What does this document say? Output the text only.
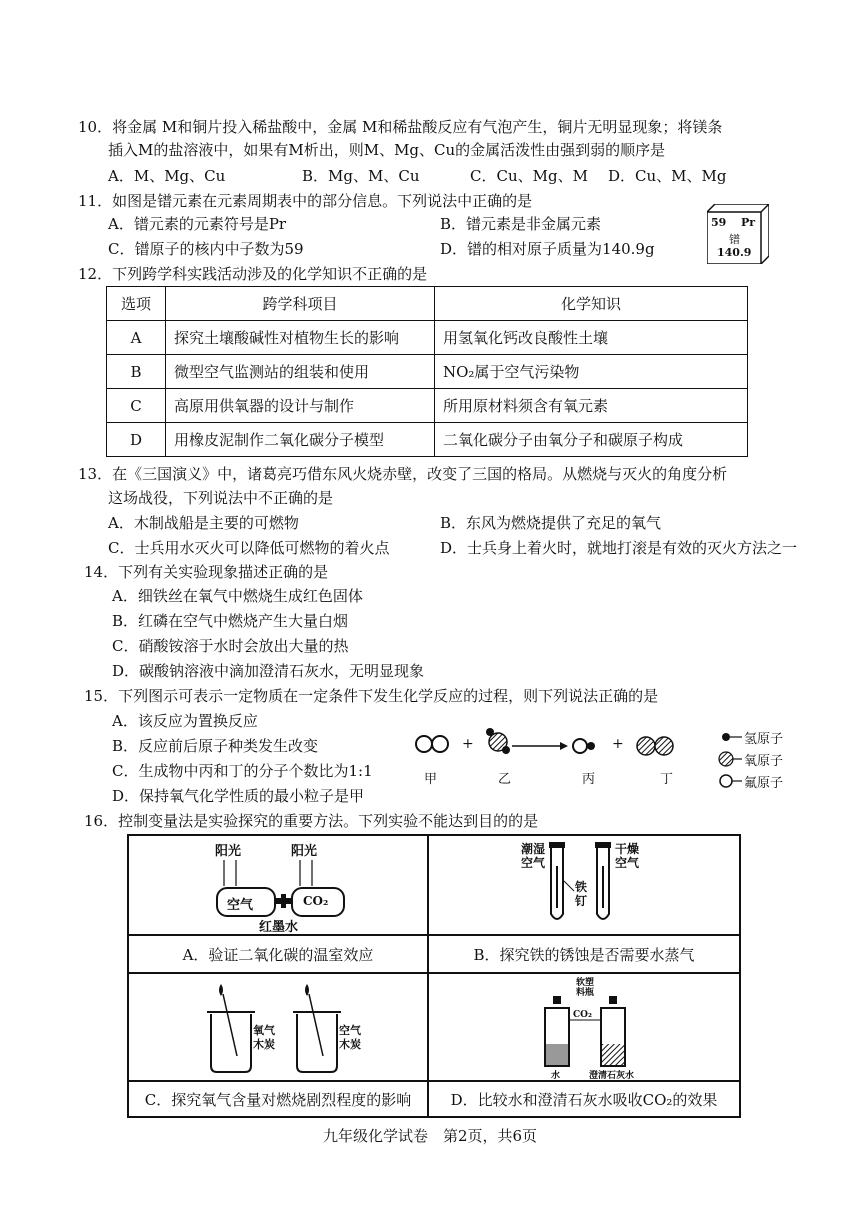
10．将金属 M和铜片投入稀盐酸中，金属 M和稀盐酸反应有气泡产生，铜片无明显现象；将镁条
插入M的盐溶液中，如果有M析出，则M、Mg、Cu的金属活泼性由强到弱的顺序是
A．M、Mg、Cu	B．Mg、M、Cu	C．Cu、Mg、M D．Cu、M、Mg
11．如图是镨元素在元素周期表中的部分信息。下列说法中正确的是
A．镨元素的元素符号是Pr	B．镨元素是非金属元素
C．镨原子的核内中子数为59	D．镨的相对原子质量为140.9g
59 Pr
镨
140.9
12．下列跨学科实践活动涉及的化学知识不正确的是
选项	跨学科项目	化学知识
A	探究土壤酸碱性对植物生长的影响	用氢氧化钙改良酸性土壤
B	微型空气监测站的组装和使用	NO₂属于空气污染物
C	高原用供氧器的设计与制作	所用原材料须含有氧元素
D	用橡皮泥制作二氧化碳分子模型	二氧化碳分子由氧分子和碳原子构成
13．在《三国演义》中，诸葛亮巧借东风火烧赤壁，改变了三国的格局。从燃烧与灭火的角度分析
这场战役，下列说法中不正确的是
A．木制战船是主要的可燃物	B．东风为燃烧提供了充足的氧气
C．士兵用水灭火可以降低可燃物的着火点	D．士兵身上着火时，就地打滚是有效的灭火方法之一
14．下列有关实验现象描述正确的是
A．细铁丝在氧气中燃烧生成红色固体
B．红磷在空气中燃烧产生大量白烟
C．硝酸铵溶于水时会放出大量的热
D．碳酸钠溶液中滴加澄清石灰水，无明显现象
15．下列图示可表示一定物质在一定条件下发生化学反应的过程，则下列说法正确的是
A．该反应为置换反应
B．反应前后原子种类发生改变
C．生成物中丙和丁的分子个数比为1:1
D．保持氧气化学性质的最小粒子是甲
+	+
甲	乙	丙	丁
氢原子
氧原子
氟原子
16．控制变量法是实验探究的重要方法。下列实验不能达到目的的是
阳光	阳光
空气	CO₂
红墨水
A．验证二氧化碳的温室效应
潮湿
空气
干燥
空气
铁
钉
B．探究铁的锈蚀是否需要水蒸气
氧气
木炭
空气
木炭
C．探究氧气含量对燃烧剧烈程度的影响
软塑料瓶
CO₂
水	澄清石灰水
D．比较水和澄清石灰水吸收CO₂的效果
九年级化学试卷　第2页，共6页
